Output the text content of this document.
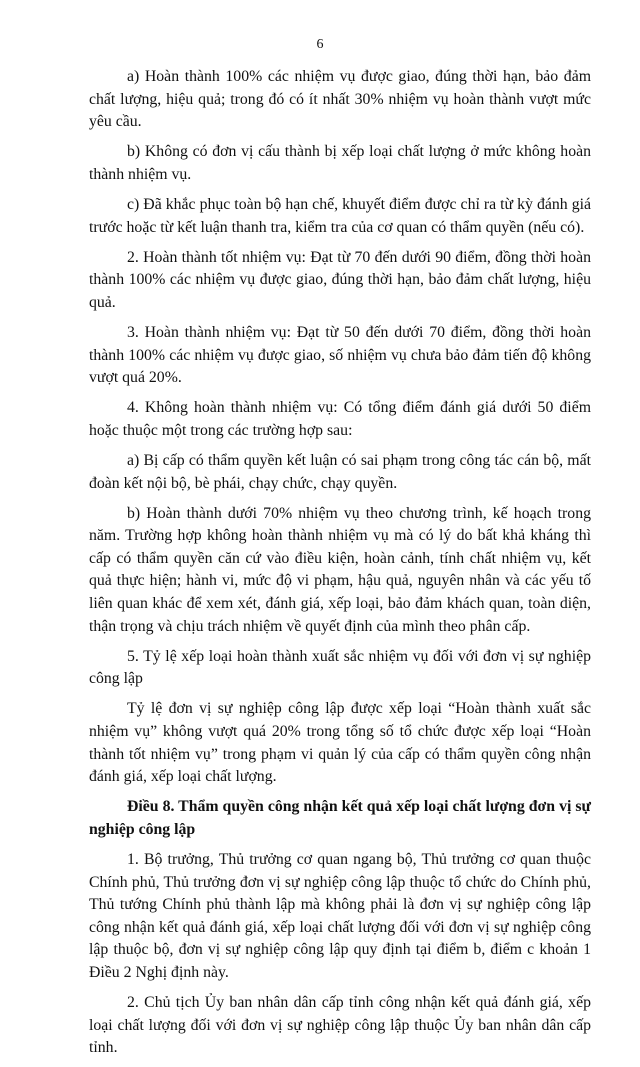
6

a) Hoàn thành 100% các nhiệm vụ được giao, đúng thời hạn, bảo đảm chất lượng, hiệu quả; trong đó có ít nhất 30% nhiệm vụ hoàn thành vượt mức yêu cầu.

b) Không có đơn vị cấu thành bị xếp loại chất lượng ở mức không hoàn thành nhiệm vụ.

c) Đã khắc phục toàn bộ hạn chế, khuyết điểm được chỉ ra từ kỳ đánh giá trước hoặc từ kết luận thanh tra, kiểm tra của cơ quan có thẩm quyền (nếu có).

2. Hoàn thành tốt nhiệm vụ: Đạt từ 70 đến dưới 90 điểm, đồng thời hoàn thành 100% các nhiệm vụ được giao, đúng thời hạn, bảo đảm chất lượng, hiệu quả.

3. Hoàn thành nhiệm vụ: Đạt từ 50 đến dưới 70 điểm, đồng thời hoàn thành 100% các nhiệm vụ được giao, số nhiệm vụ chưa bảo đảm tiến độ không vượt quá 20%.

4. Không hoàn thành nhiệm vụ: Có tổng điểm đánh giá dưới 50 điểm hoặc thuộc một trong các trường hợp sau:

a) Bị cấp có thẩm quyền kết luận có sai phạm trong công tác cán bộ, mất đoàn kết nội bộ, bè phái, chạy chức, chạy quyền.

b) Hoàn thành dưới 70% nhiệm vụ theo chương trình, kế hoạch trong năm. Trường hợp không hoàn thành nhiệm vụ mà có lý do bất khả kháng thì cấp có thẩm quyền căn cứ vào điều kiện, hoàn cảnh, tính chất nhiệm vụ, kết quả thực hiện; hành vi, mức độ vi phạm, hậu quả, nguyên nhân và các yếu tố liên quan khác để xem xét, đánh giá, xếp loại, bảo đảm khách quan, toàn diện, thận trọng và chịu trách nhiệm về quyết định của mình theo phân cấp.

5. Tỷ lệ xếp loại hoàn thành xuất sắc nhiệm vụ đối với đơn vị sự nghiệp công lập

Tỷ lệ đơn vị sự nghiệp công lập được xếp loại “Hoàn thành xuất sắc nhiệm vụ” không vượt quá 20% trong tổng số tổ chức được xếp loại “Hoàn thành tốt nhiệm vụ” trong phạm vi quản lý của cấp có thẩm quyền công nhận đánh giá, xếp loại chất lượng.

Điều 8. Thẩm quyền công nhận kết quả xếp loại chất lượng đơn vị sự nghiệp công lập

1. Bộ trưởng, Thủ trưởng cơ quan ngang bộ, Thủ trưởng cơ quan thuộc Chính phủ, Thủ trưởng đơn vị sự nghiệp công lập thuộc tổ chức do Chính phủ, Thủ tướng Chính phủ thành lập mà không phải là đơn vị sự nghiệp công lập công nhận kết quả đánh giá, xếp loại chất lượng đối với đơn vị sự nghiệp công lập thuộc bộ, đơn vị sự nghiệp công lập quy định tại điểm b, điểm c khoản 1 Điều 2 Nghị định này.

2. Chủ tịch Ủy ban nhân dân cấp tỉnh công nhận kết quả đánh giá, xếp loại chất lượng đối với đơn vị sự nghiệp công lập thuộc Ủy ban nhân dân cấp tỉnh.
